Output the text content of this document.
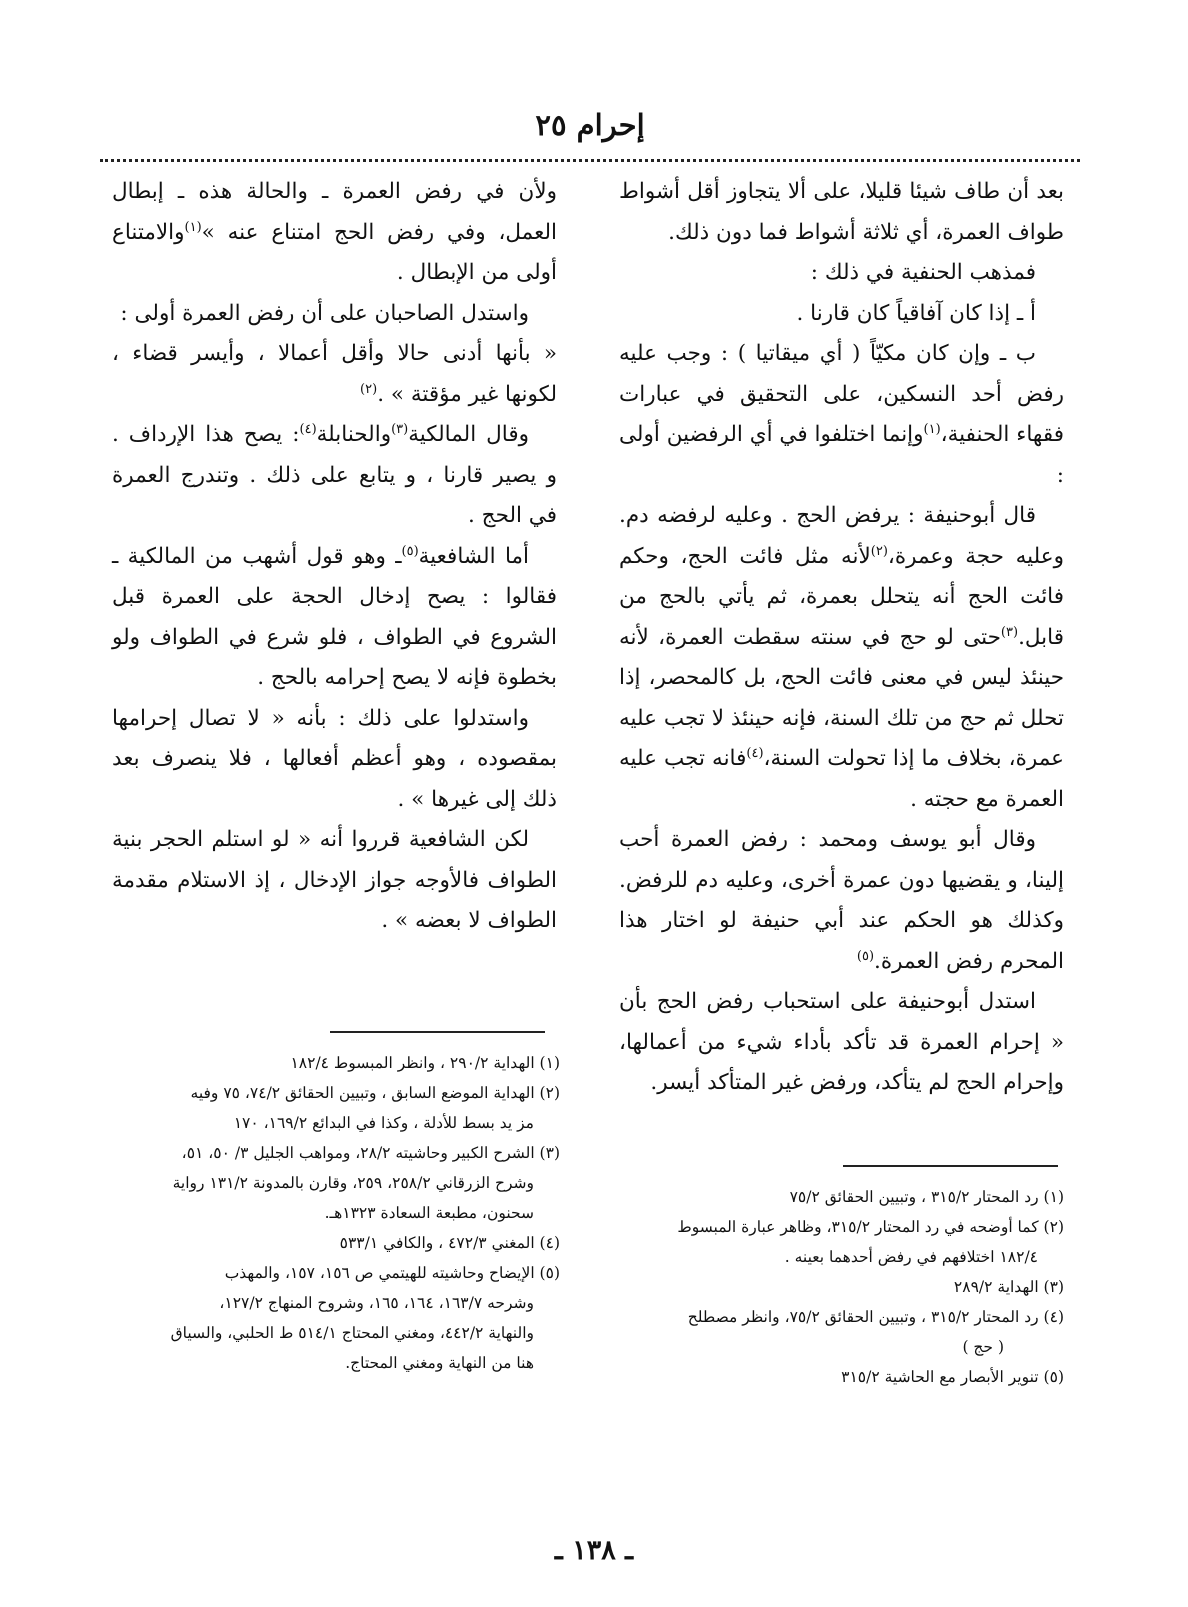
إحرام ٢٥

بعد أن طاف شيئا قليلا، على ألا يتجاوز أقل أشواط طواف العمرة، أي ثلاثة أشواط فما دون ذلك.

فمذهب الحنفية في ذلك :

أ ـ إذا كان آفاقياً كان قارنا .

ب ـ وإن كان مكيّاً ( أي ميقاتيا ) : وجب عليه رفض أحد النسكين، على التحقيق في عبارات فقهاء الحنفية،$^{(١)}$وإنما اختلفوا في أي الرفضين أولى :

قال أبوحنيفة : يرفض الحج . وعليه لرفضه دم. وعليه حجة وعمرة،$^{(٢)}$لأنه مثل فائت الحج، وحكم فائت الحج أنه يتحلل بعمرة، ثم يأتي بالحج من قابل.$^{(٣)}$حتى لو حج في سنته سقطت العمرة، لأنه حينئذ ليس في معنى فائت الحج، بل كالمحصر، إذا تحلل ثم حج من تلك السنة، فإنه حينئذ لا تجب عليه عمرة، بخلاف ما إذا تحولت السنة،$^{(٤)}$فانه تجب عليه العمرة مع حجته .

وقال أبو يوسف ومحمد : رفض العمرة أحب إلينا، و يقضيها دون عمرة أخرى، وعليه دم للرفض. وكذلك هو الحكم عند أبي حنيفة لو اختار هذا المحرم رفض العمرة.$^{(٥)}$

استدل أبوحنيفة على استحباب رفض الحج بأن « إحرام العمرة قد تأكد بأداء شيء من أعمالها، وإحرام الحج لم يتأكد، ورفض غير المتأكد أيسر.

ولأن في رفض العمرة ـ والحالة هذه ـ إبطال العمل، وفي رفض الحج امتناع عنه »$^{(١)}$والامتناع أولى من الإبطال .

واستدل الصاحبان على أن رفض العمرة أولى :

« بأنها أدنى حالا وأقل أعمالا ، وأيسر قضاء ، لكونها غير مؤقتة » .$^{(٢)}$

وقال المالكية$^{(٣)}$والحنابلة$^{(٤)}$: يصح هذا الإرداف . و يصير قارنا ، و يتابع على ذلك . وتندرج العمرة في الحج .

أما الشافعية$^{(٥)}$ـ وهو قول أشهب من المالكية ـ فقالوا : يصح إدخال الحجة على العمرة قبل الشروع في الطواف ، فلو شرع في الطواف ولو بخطوة فإنه لا يصح إحرامه بالحج .

واستدلوا على ذلك : بأنه « لا تصال إحرامها بمقصوده ، وهو أعظم أفعالها ، فلا ينصرف بعد ذلك إلى غيرها » .

لكن الشافعية قرروا أنه « لو استلم الحجر بنية الطواف فالأوجه جواز الإدخال ، إذ الاستلام مقدمة الطواف لا بعضه » .

(١) رد المحتار ٣١٥/٢ ، وتبيين الحقائق ٧٥/٢
(٢) كما أوضحه في رد المحتار ٣١٥/٢، وظاهر عبارة المبسوط
١٨٢/٤ اختلافهم في رفض أحدهما بعينه .
(٣) الهداية ٢٨٩/٢
(٤) رد المحتار ٣١٥/٢ ، وتبيين الحقائق ٧٥/٢، وانظر مصطلح
( حج )
(٥) تنوير الأبصار مع الحاشية ٣١٥/٢
(١) الهداية ٢٩٠/٢ ، وانظر المبسوط ١٨٢/٤
(٢) الهداية الموضع السابق ، وتبيين الحقائق ٧٤/٢، ٧٥ وفيه
مز يد بسط للأدلة ، وكذا في البدائع ١٦٩/٢، ١٧٠
(٣) الشرح الكبير وحاشيته ٢٨/٢، ومواهب الجليل ٣/ ٥٠، ٥١،
وشرح الزرقاني ٢٥٨/٢، ٢٥٩، وقارن بالمدونة ١٣١/٢ رواية
سحنون، مطبعة السعادة ١٣٢٣هـ.
(٤) المغني ٤٧٢/٣ ، والكافي ٥٣٣/١
(٥) الإيضاح وحاشيته للهيتمي ص ١٥٦، ١٥٧، والمهذب
وشرحه ١٦٣/٧، ١٦٤، ١٦٥، وشروح المنهاج ١٢٧/٢،
والنهاية ٤٤٢/٢، ومغني المحتاج ٥١٤/١ ط الحلبي، والسياق
هنا من النهاية ومغني المحتاج.
ـ ١٣٨ ـ
